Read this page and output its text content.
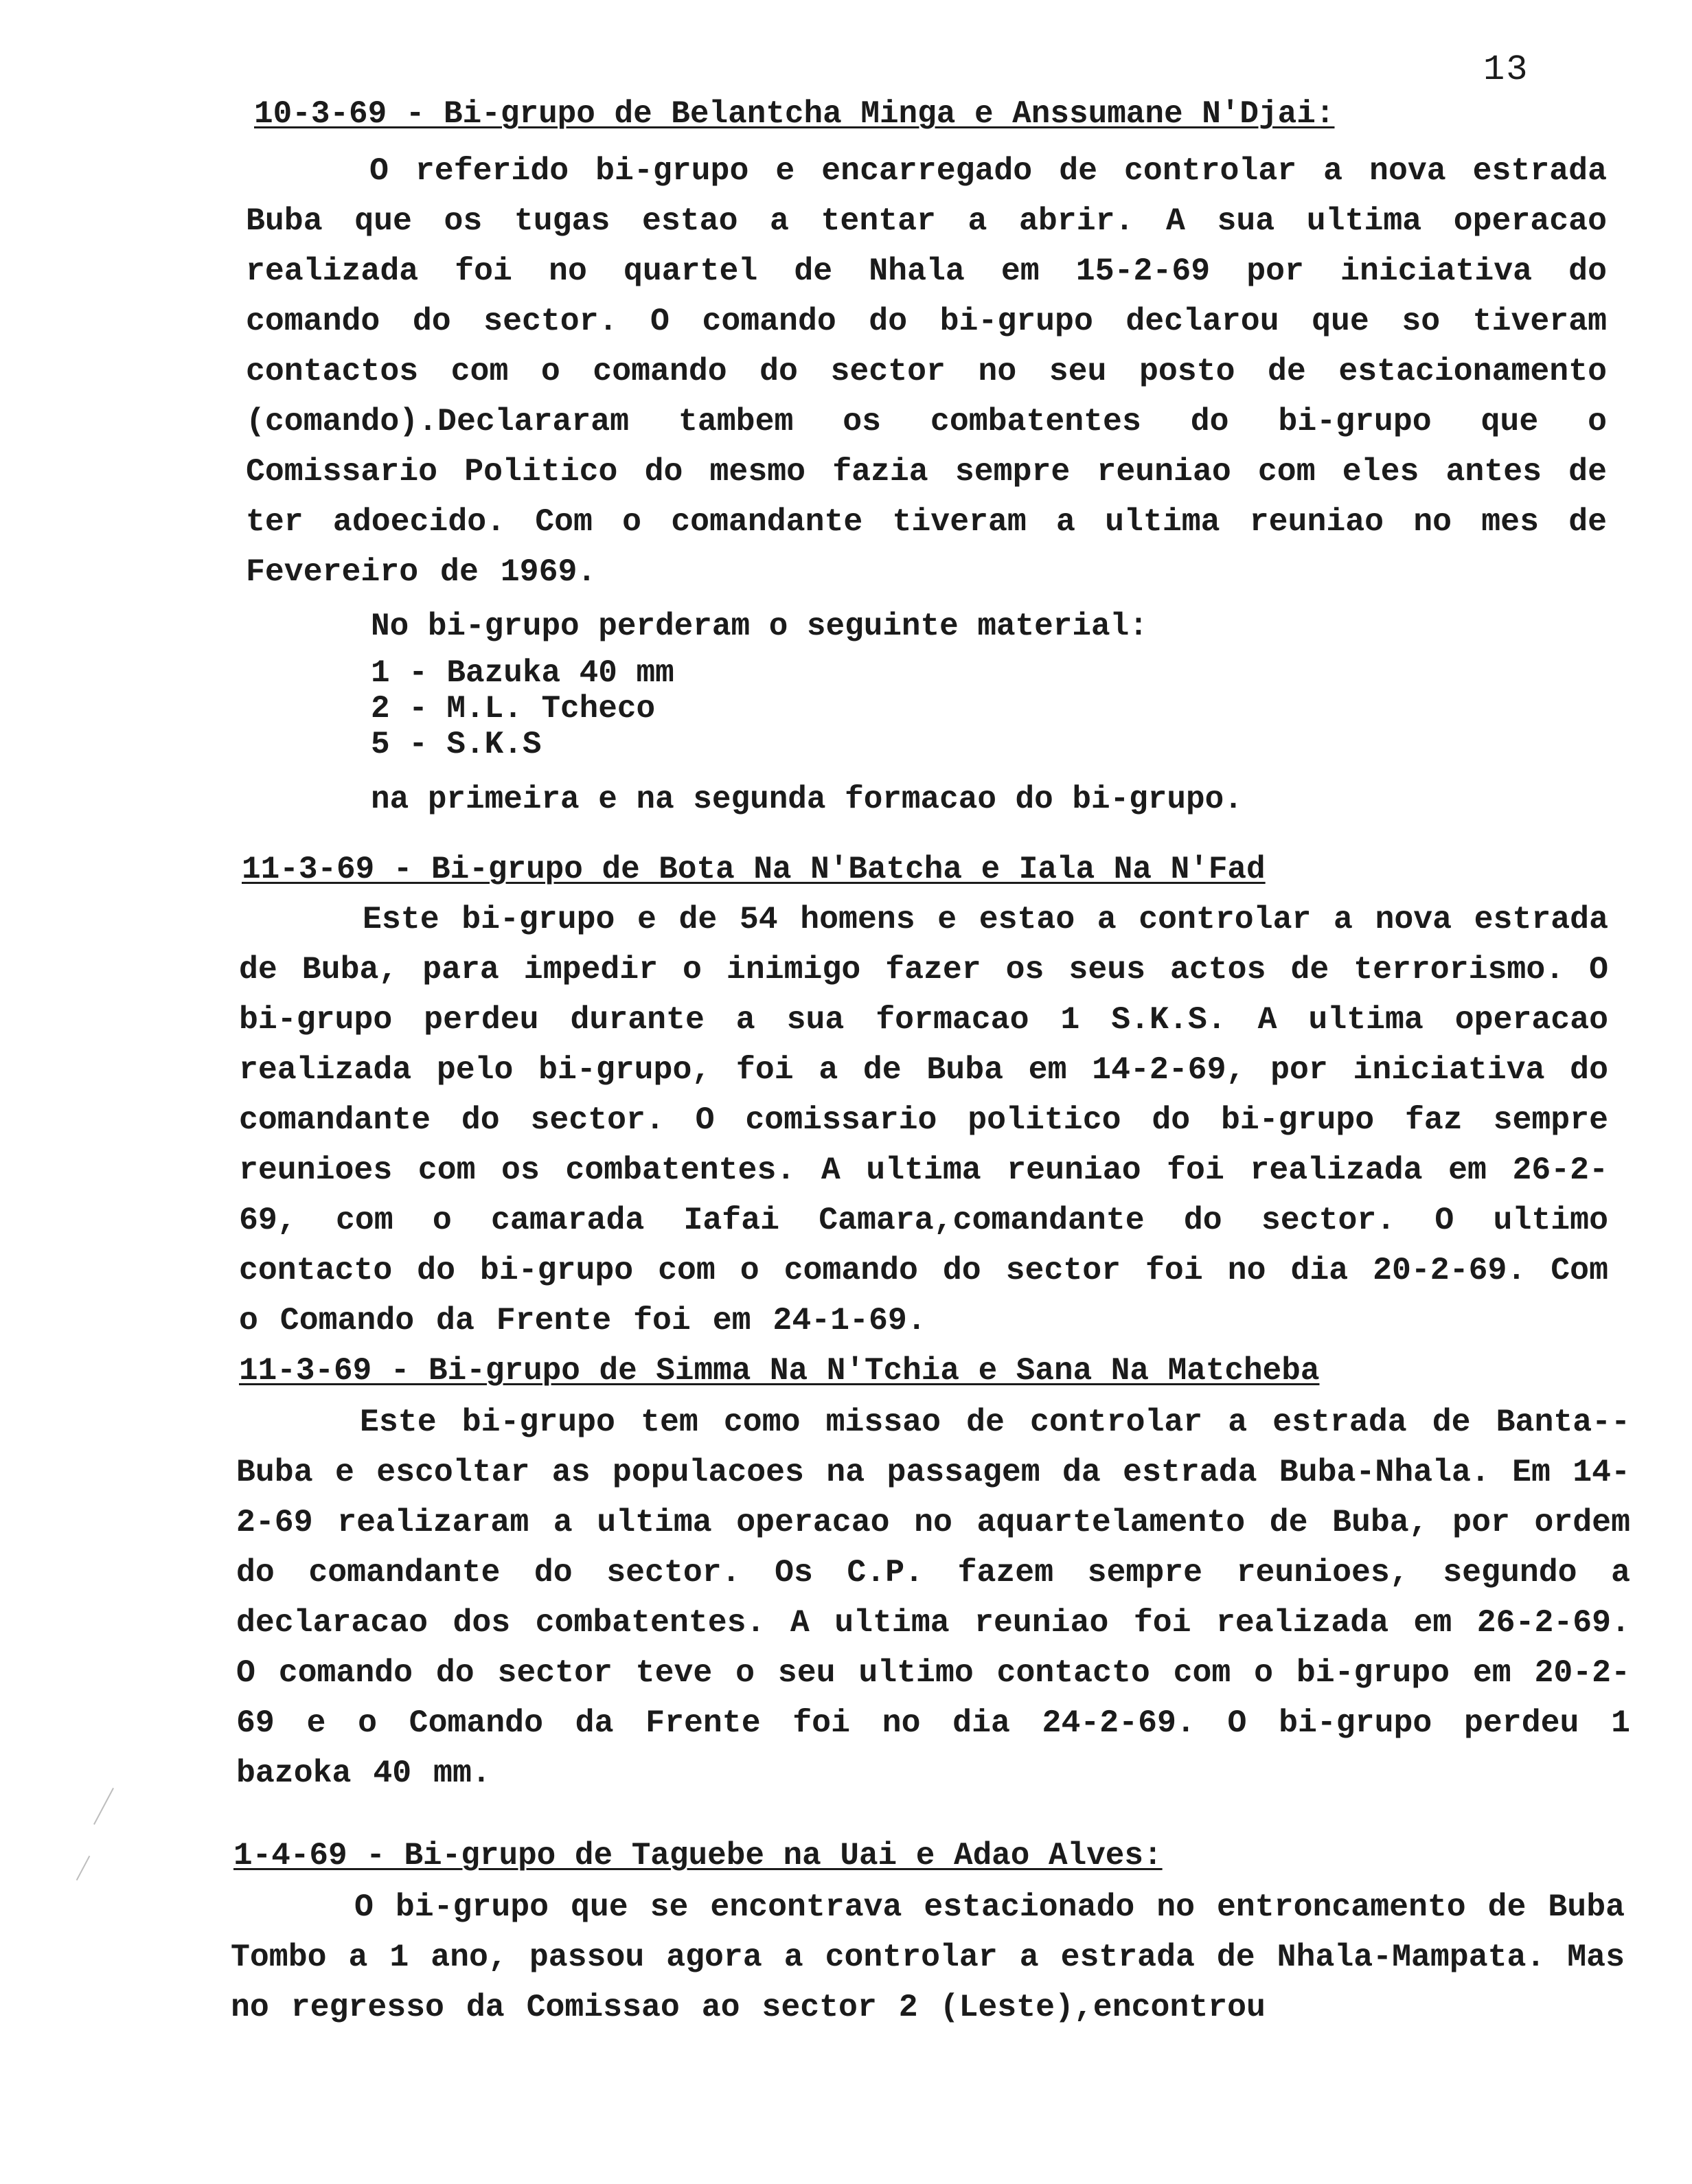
13

10-3-69 - Bi-grupo de Belantcha Minga e Anssumane N'Djai:

O referido bi-grupo e encarregado de controlar a nova estrada Buba que os tugas estao a tentar a abrir. A sua ultima operacao realizada foi no quartel de Nhala em 15-2-69 por iniciativa do comando do sector. O comando do bi-grupo declarou que so tiveram contactos com o comando do sector no seu posto de estacionamento (comando).Declararam tambem os combatentes do bi-grupo que o Comissario Politico do mesmo fazia sempre reuniao com eles antes de ter adoecido. Com o comandante tiveram a ultima reuniao no mes de Fevereiro de 1969.

No bi-grupo perderam o seguinte material:

1 - Bazuka 40 mm
2 - M.L. Tcheco
5 - S.K.S

na primeira e na segunda formacao do bi-grupo.

11-3-69 - Bi-grupo de Bota Na N'Batcha e Iala Na N'Fad

Este bi-grupo e de 54 homens e estao a controlar a nova estrada de Buba, para impedir o inimigo fazer os seus actos de terrorismo. O bi-grupo perdeu durante a sua formacao 1 S.K.S. A ultima operacao realizada pelo bi-grupo, foi a de Buba em 14-2-69, por iniciativa do comandante do sector. O comissario politico do bi-grupo faz sempre reunioes com os combatentes. A ultima reuniao foi realizada em 26-2-69, com o camarada Iafai Camara,comandante do sector. O ultimo contacto do bi-grupo com o comando do sector foi no dia 20-2-69. Com o Comando da Frente foi em 24-1-69.

11-3-69 - Bi-grupo de Simma Na N'Tchia e Sana Na Matcheba

Este bi-grupo tem como missao de controlar a estrada de Banta--Buba e escoltar as populacoes na passagem da estrada Buba-Nhala. Em 14-2-69 realizaram a ultima operacao no aquartelamento de Buba, por ordem do comandante do sector. Os C.P. fazem sempre reunioes, segundo a declaracao dos combatentes. A ultima reuniao foi realizada em 26-2-69. O comando do sector teve o seu ultimo contacto com o bi-grupo em 20-2-69 e o Comando da Frente foi no dia 24-2-69. O bi-grupo perdeu 1 bazoka 40 mm.

1-4-69 - Bi-grupo de Taguebe na Uai e Adao Alves:

O bi-grupo que se encontrava estacionado no entroncamento de Buba Tombo a 1 ano, passou agora a controlar a estrada de Nhala-Mampata. Mas no regresso da Comissao ao sector 2 (Leste),encontrou
